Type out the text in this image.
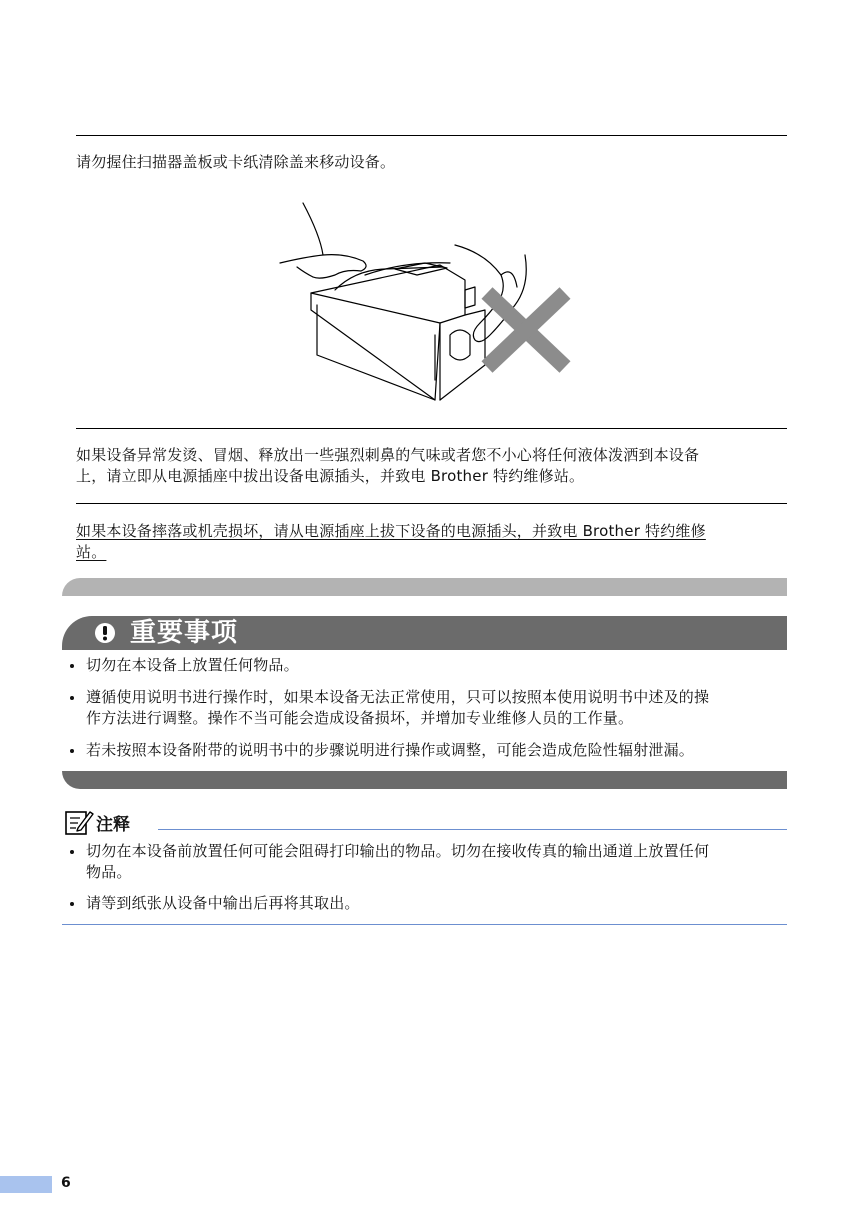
请勿握住扫描器盖板或卡纸清除盖来移动设备。
如果设备异常发烫、冒烟、释放出一些强烈刺鼻的气味或者您不小心将任何液体泼洒到本设备
上，请立即从电源插座中拔出设备电源插头，并致电 Brother 特约维修站。
如果本设备摔落或机壳损坏，请从电源插座上拔下设备的电源插头，并致电 Brother 特约维修
站。
重要事项
切勿在本设备上放置任何物品。
遵循使用说明书进行操作时，如果本设备无法正常使用，只可以按照本使用说明书中述及的操
作方法进行调整。操作不当可能会造成设备损坏，并增加专业维修人员的工作量。
若未按照本设备附带的说明书中的步骤说明进行操作或调整，可能会造成危险性辐射泄漏。
注释
切勿在本设备前放置任何可能会阻碍打印输出的物品。切勿在接收传真的输出通道上放置任何
物品。
请等到纸张从设备中输出后再将其取出。
6
